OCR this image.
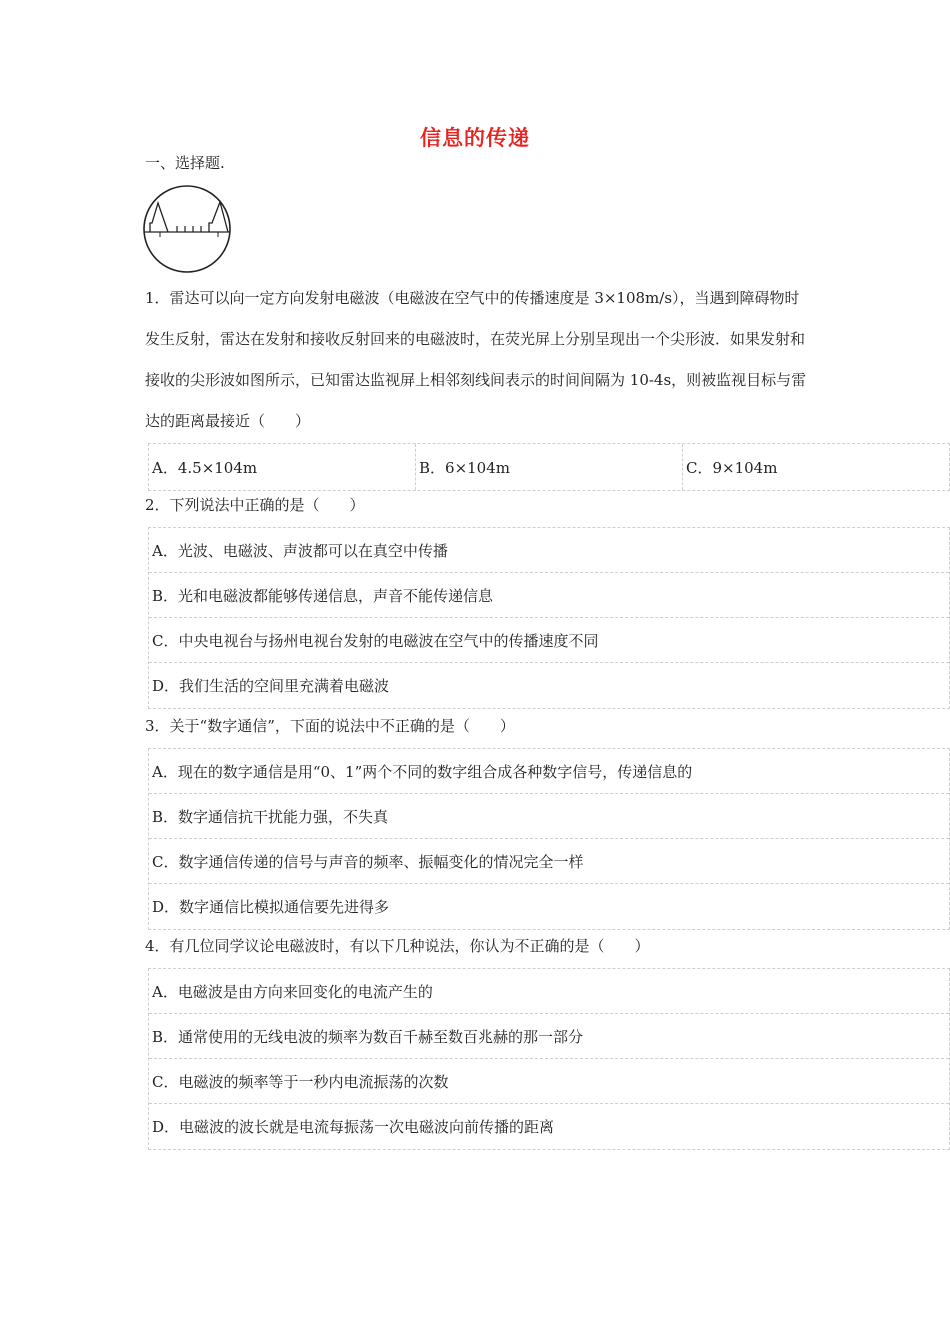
信息的传递
一、选择题.
1．雷达可以向一定方向发射电磁波（电磁波在空气中的传播速度是 3×108m/s），当遇到障碍物时发生反射，雷达在发射和接收反射回来的电磁波时，在荧光屏上分别呈现出一个尖形波．如果发射和接收的尖形波如图所示，已知雷达监视屏上相邻刻线间表示的时间间隔为 10-4s，则被监视目标与雷达的距离最接近（　　）
A．4.5×104m	B．6×104m	C．9×104m
2．下列说法中正确的是（　　）
A．光波、电磁波、声波都可以在真空中传播
B．光和电磁波都能够传递信息，声音不能传递信息
C．中央电视台与扬州电视台发射的电磁波在空气中的传播速度不同
D．我们生活的空间里充满着电磁波
3．关于“数字通信”，下面的说法中不正确的是（　　）
A．现在的数字通信是用“0、1”两个不同的数字组合成各种数字信号，传递信息的
B．数字通信抗干扰能力强，不失真
C．数字通信传递的信号与声音的频率、振幅变化的情况完全一样
D．数字通信比模拟通信要先进得多
4．有几位同学议论电磁波时，有以下几种说法，你认为不正确的是（　　）
A．电磁波是由方向来回变化的电流产生的
B．通常使用的无线电波的频率为数百千赫至数百兆赫的那一部分
C．电磁波的频率等于一秒内电流振荡的次数
D．电磁波的波长就是电流每振荡一次电磁波向前传播的距离
